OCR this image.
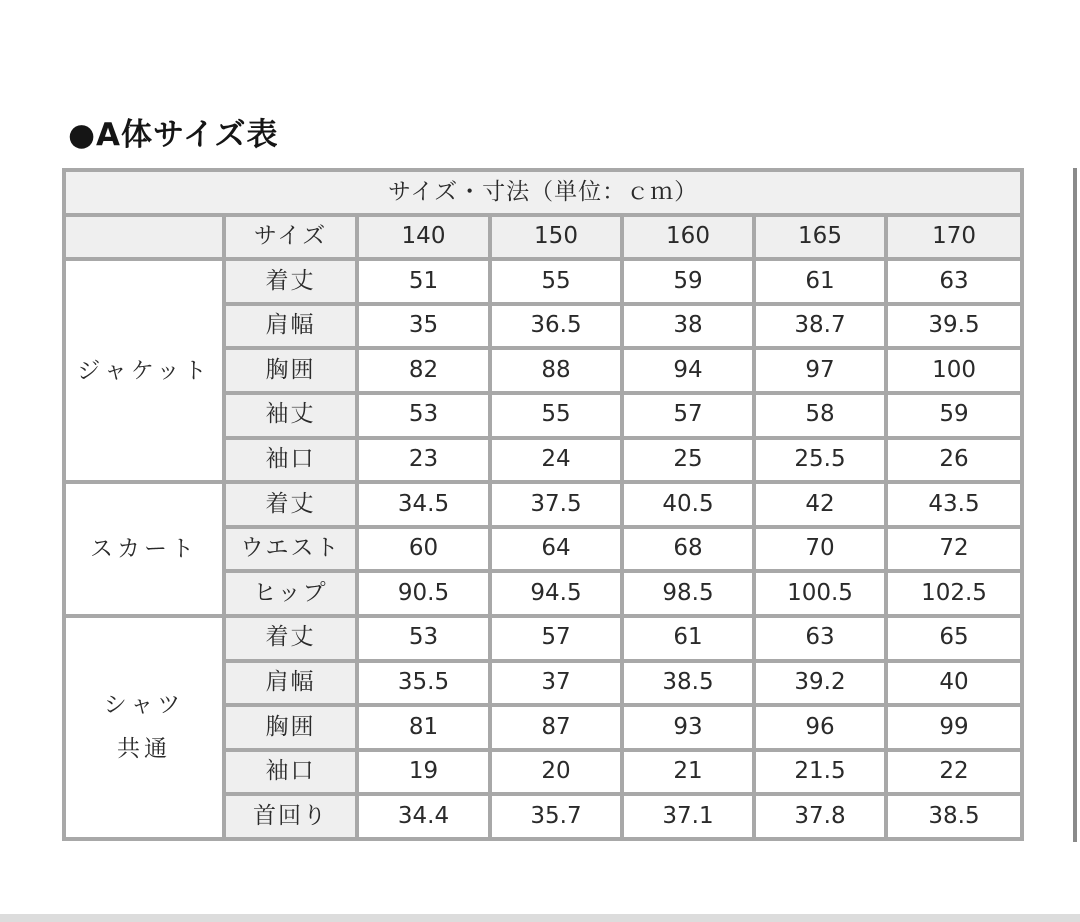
●A体サイズ表
サイズ・寸法（単位：ｃｍ）						
	サイズ	140	150	160	165	170

ジャケット	着丈	51	55	59	61	63
	肩幅	35	36.5	38	38.7	39.5
	胸囲	82	88	94	97	100
	袖丈	53	55	57	58	59
	袖口	23	24	25	25.5	26

スカート	着丈	34.5	37.5	40.5	42	43.5
	ウエスト	60	64	68	70	72
	ヒップ	90.5	94.5	98.5	100.5	102.5

シャツ
共通	着丈	53	57	61	63	65
	肩幅	35.5	37	38.5	39.2	40
	胸囲	81	87	93	96	99
	袖口	19	20	21	21.5	22
	首回り	34.4	35.7	37.1	37.8	38.5
